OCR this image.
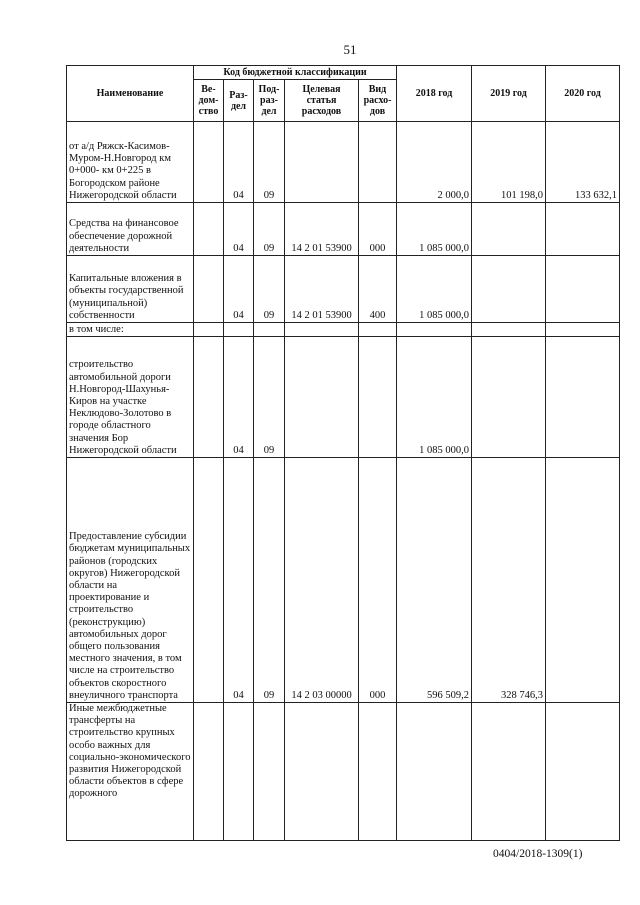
51
Наименование	Код бюджетной классификации					2018 год	2019 год	2020 год
	Ве-дом-ство	Раз-дел	Под-раз-дел	Целевая статья расходов	Вид расхо-дов			
от а/д Ряжск-Касимов-Муром-Н.Новгород км 0+000- км 0+225 в Богородском районе Нижегородской области		04	09			2 000,0	101 198,0	133 632,1
Средства на финансовое обеспечение дорожной деятельности		04	09	14 2 01 53900	000	1 085 000,0		
Капитальные вложения в объекты государственной (муниципальной) собственности		04	09	14 2 01 53900	400	1 085 000,0		
в том числе:								
строительство автомобильной дороги Н.Новгород-Шахунья-Киров на участке Неклюдово-Золотово в городе областного значения Бор Нижегородской области		04	09			1 085 000,0		
Предоставление субсидии бюджетам муниципальных районов (городских округов) Нижегородской области на проектирование и строительство (реконструкцию) автомобильных дорог общего пользования местного значения, в том числе на строительство объектов скоростного внеуличного транспорта		04	09	14 2 03 00000	000	596 509,2	328 746,3	
Иные межбюджетные трансферты на строительство крупных особо важных для социально-экономического развития Нижегородской области объектов в сфере дорожного								
0404/2018-1309(1)
